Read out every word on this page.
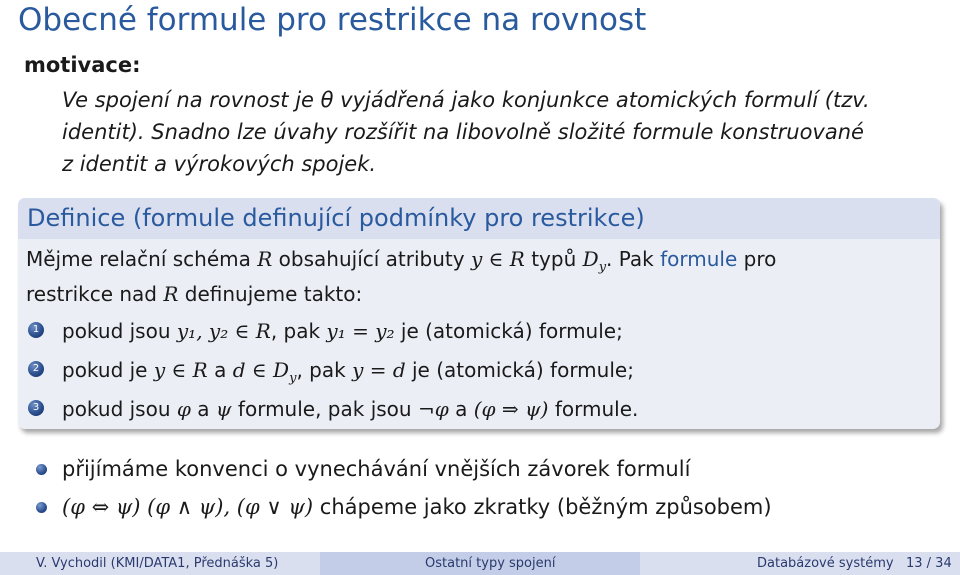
Obecné formule pro restrikce na rovnost
motivace:
Ve spojení na rovnost je θ vyjádřená jako konjunkce atomických formulí (tzv.
identit). Snadno lze úvahy rozšířit na libovolně složité formule konstruované
z identit a výrokových spojek.
Definice (formule definující podmínky pro restrikce)
Mějme relační schéma R obsahující atributy y ∈ R typů $D_y$. Pak formule pro
restrikce nad R definujeme takto:
1 pokud jsou y₁, y₂ ∈ R, pak y₁ = y₂ je (atomická) formule;
2 pokud je y ∈ R a d ∈ $D_y$, pak y = d je (atomická) formule;
3 pokud jsou φ a ψ formule, pak jsou ¬φ a (φ ⇒ ψ) formule.
přijímáme konvenci o vynechávání vnějších závorek formulí
(φ ⇔ ψ) (φ ∧ ψ), (φ ∨ ψ) chápeme jako zkratky (běžným způsobem)
V. Vychodil (KMI/DATA1, Přednáška 5)	Ostatní typy spojení	Databázové systémy 13 / 34
